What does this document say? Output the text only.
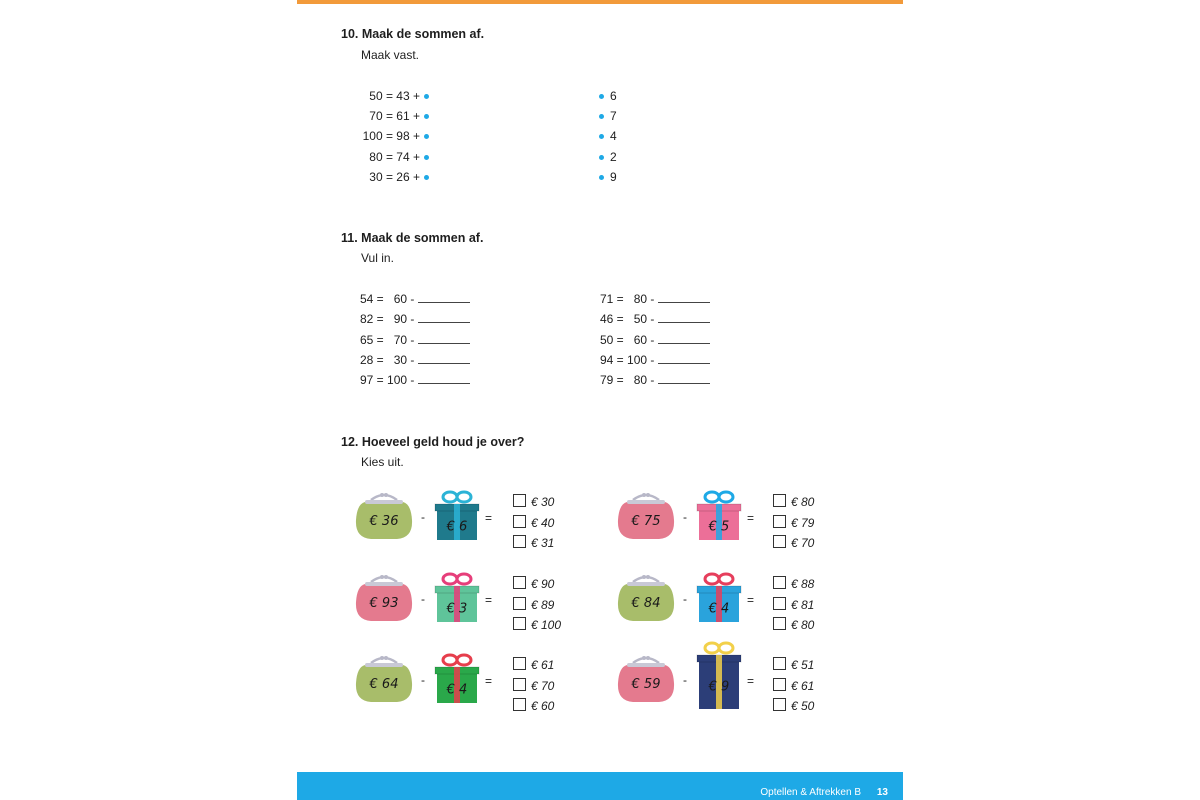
10. Maak de sommen af.
Maak vast.
50 = 43 +
70 = 61 +
100 = 98 +
80 = 74 +
30 = 26 +
6
7
4
2
9
11. Maak de sommen af.
Vul in.
54 =   60 -
82 =   90 -
65 =   70 -
28 =   30 -
97 = 100 -
71 =   80 -
46 =   50 -
50 =   60 -
94 = 100 -
79 =   80 -
12. Hoeveel geld houd je over?
Kies uit.
€ 36 -
€ 6
=
€ 30
€ 40
€ 31
€ 75 -
€ 5
=
€ 80
€ 79
€ 70
€ 93 -
€ 3
=
€ 90
€ 89
€ 100
€ 84 -
€ 4
=
€ 88
€ 81
€ 80
€ 64 -
€ 4
=
€ 61
€ 70
€ 60
€ 59 - € 9 =
€ 51
€ 61
€ 50
Optellen & Aftrekken B 13
